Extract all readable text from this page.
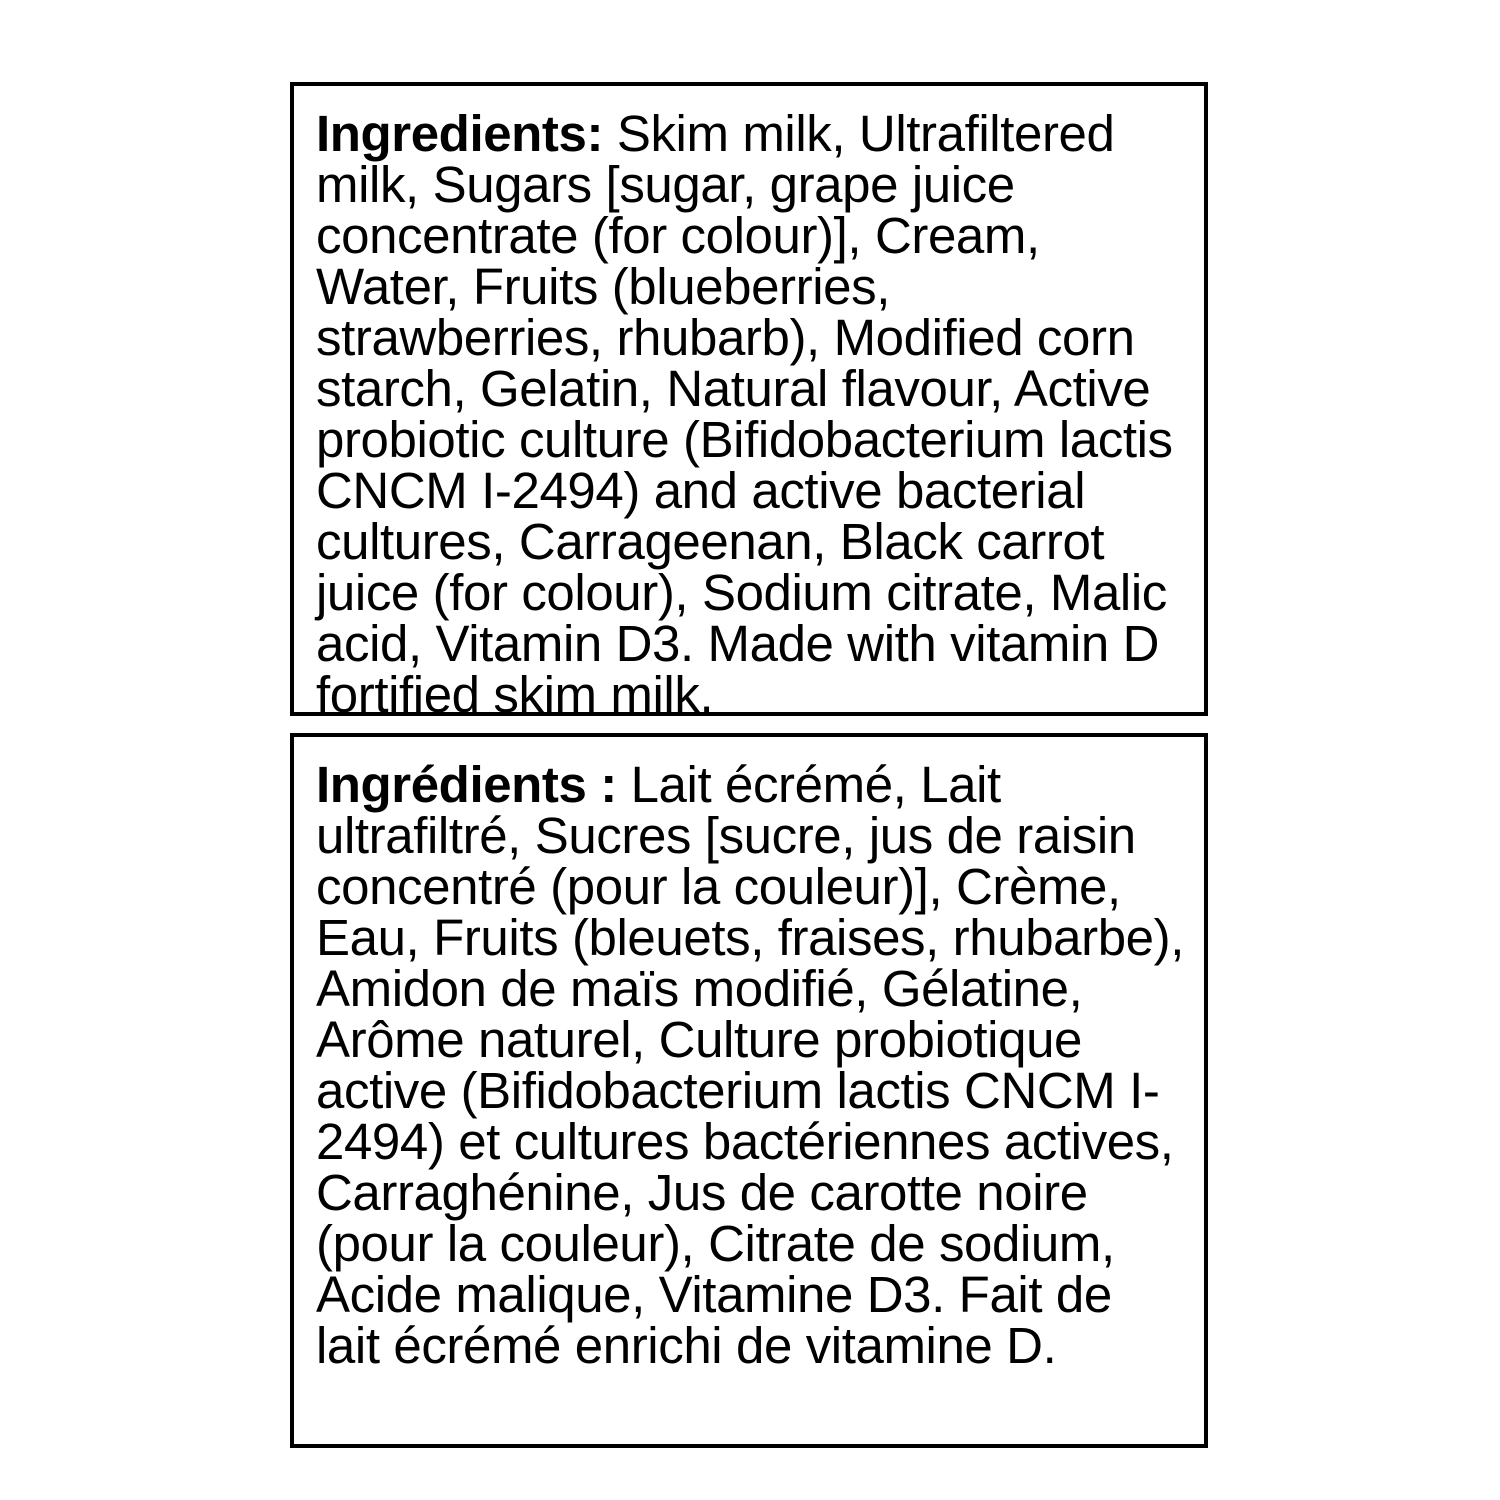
Ingredients: Skim milk, Ultrafiltered milk, Sugars [sugar, grape juice concentrate (for colour)], Cream, Water, Fruits (blueberries, strawberries, rhubarb), Modified corn starch, Gelatin, Natural flavour, Active probiotic culture (Bifidobacterium lactis CNCM I-2494) and active bacterial cultures, Carrageenan, Black carrot juice (for colour), Sodium citrate, Malic acid, Vitamin D3. Made with vitamin D fortified skim milk.

Ingrédients : Lait écrémé, Lait ultrafiltré, Sucres [sucre, jus de raisin concentré (pour la couleur)], Crème, Eau, Fruits (bleuets, fraises, rhubarbe), Amidon de maïs modifié, Gélatine, Arôme naturel, Culture probiotique active (Bifidobacterium lactis CNCM I-2494) et cultures bactériennes actives, Carraghénine, Jus de carotte noire (pour la couleur), Citrate de sodium, Acide malique, Vitamine D3. Fait de lait écrémé enrichi de vitamine D.
